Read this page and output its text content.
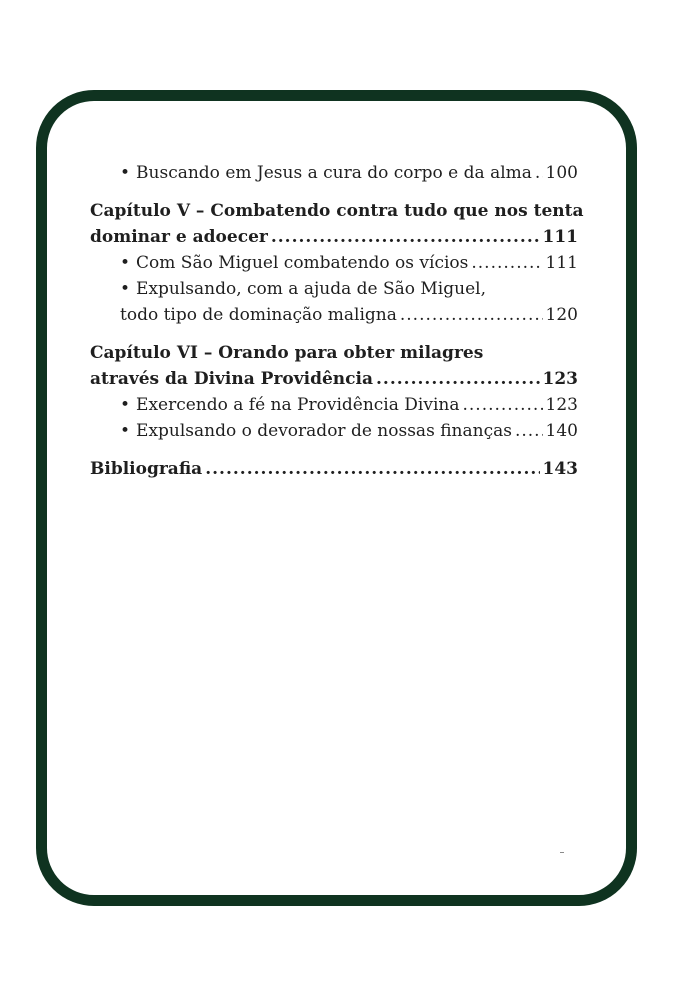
• Buscando em Jesus a cura do corpo e da alma ..... 100
Capítulo V – Combatendo contra tudo que nos tenta
dominar e adoecer .....	111
• Com São Miguel combatendo os vícios .....	111
• Expulsando, com a ajuda de São Miguel,
todo tipo de dominação maligna .....	120
Capítulo VI – Orando para obter milagres
através da Divina Providência .....	123
• Exercendo a fé na Providência Divina .....	123
• Expulsando o devorador de nossas finanças ..... 140
Bibliografia .....	143
